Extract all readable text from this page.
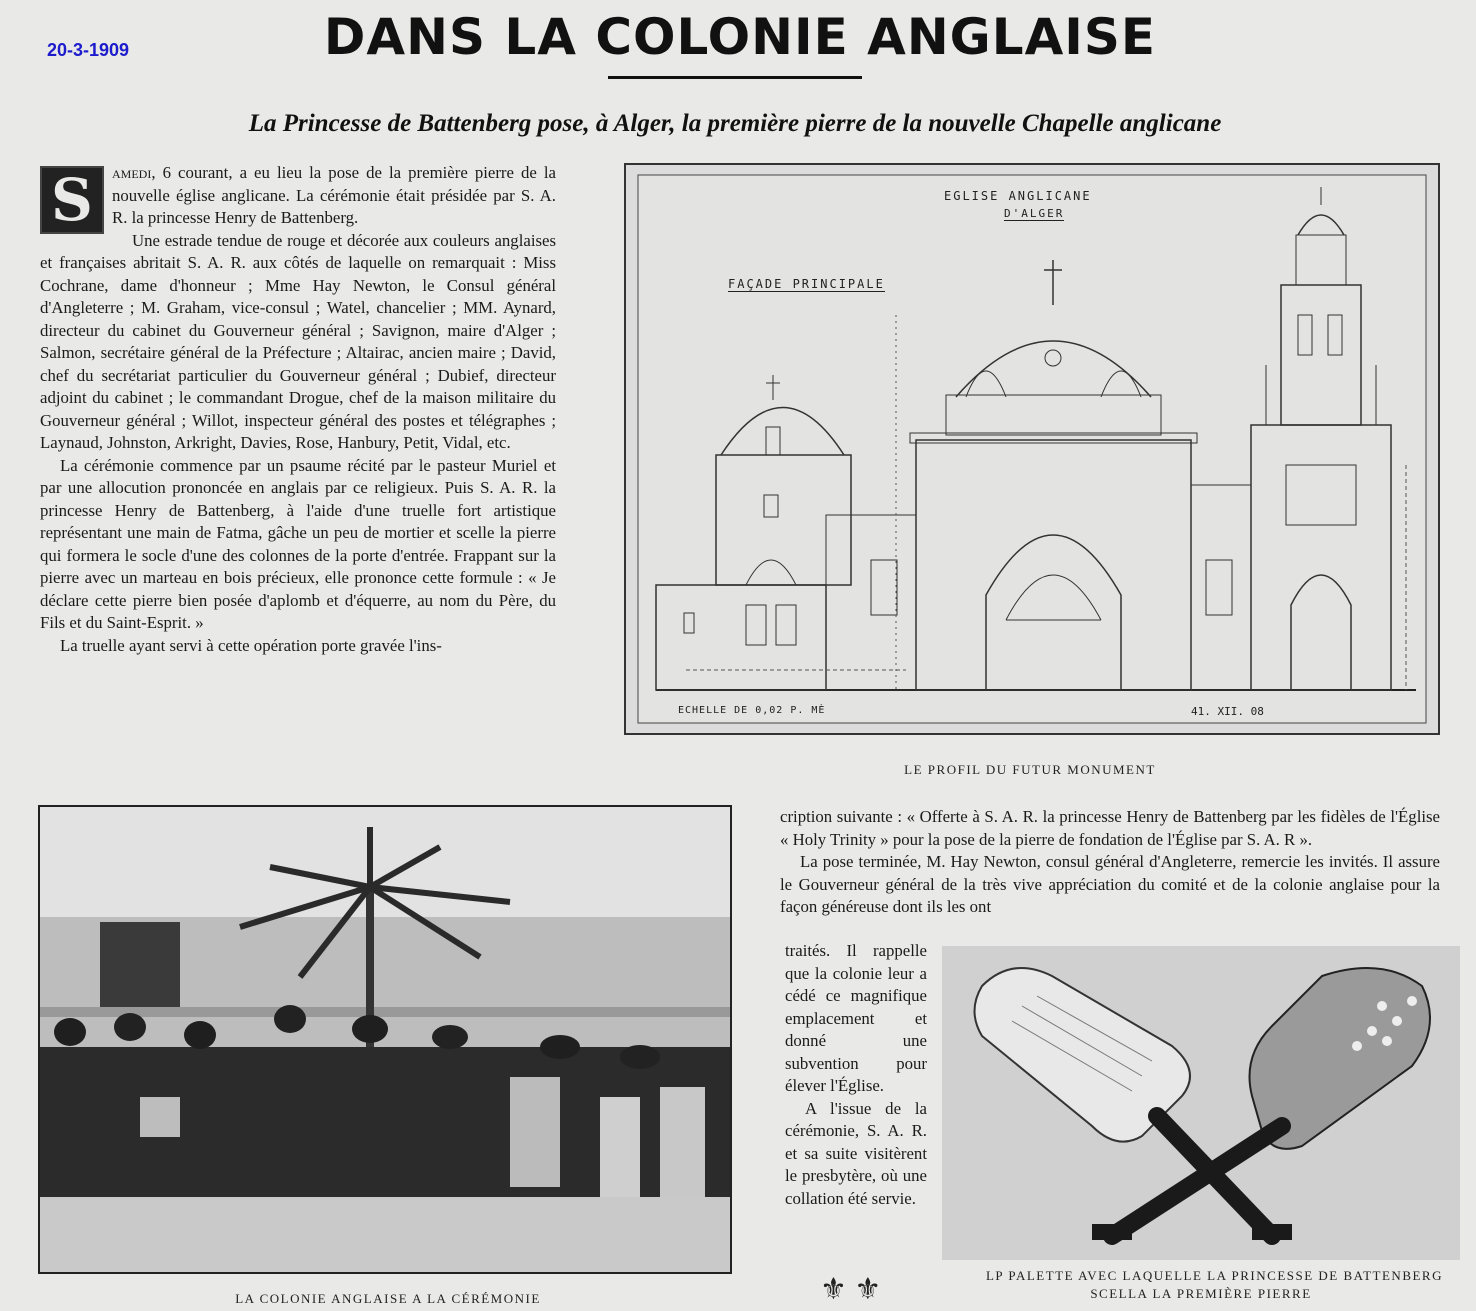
20-3-1909	DANS LA COLONIE ANGLAISE
La Princesse de Battenberg pose, à Alger, la première pierre de la nouvelle Chapelle anglicane
S	amedi, 6 courant, a eu lieu la pose de la première pierre de la nouvelle église anglicane. La cérémonie était présidée par S. A. R. la princesse Henry de Battenberg.

Une estrade tendue de rouge et décorée aux couleurs anglaises et françaises abritait S. A. R. aux côtés de laquelle on remarquait : Miss Cochrane, dame d'honneur ; Mme Hay Newton, le Consul général d'Angleterre ; M. Graham, vice-consul ; Watel, chancelier ; MM. Aynard, directeur du cabinet du Gouverneur général ; Savignon, maire d'Alger ; Salmon, secrétaire général de la Préfecture ; Altairac, ancien maire ; David, chef du secrétariat particulier du Gouverneur général ; Dubief, directeur adjoint du cabinet ; le commandant Drogue, chef de la maison militaire du Gouverneur général ; Willot, inspecteur général des postes et télégraphes ; Laynaud, Johnston, Arkright, Davies, Rose, Hanbury, Petit, Vidal, etc.

La cérémonie commence par un psaume récité par le pasteur Muriel et par une allocution prononcée en anglais par ce religieux. Puis S. A. R. la princesse Henry de Battenberg, à l'aide d'une truelle fort artistique représentant une main de Fatma, gâche un peu de mortier et scelle la pierre qui formera le socle d'une des colonnes de la porte d'entrée. Frappant sur la pierre avec un marteau en bois précieux, elle prononce cette formule : « Je déclare cette pierre bien posée d'aplomb et d'équerre, au nom du Père, du Fils et du Saint-Esprit. »

La truelle ayant servi à cette opération porte gravée l'ins-

EGLISE ANGLICANE
D'ALGER
FAÇADE PRINCIPALE
ECHELLE DE 0,02 P. MÈ	41. XII. 08
LE PROFIL DU FUTUR MONUMENT
LA COLONIE ANGLAISE A LA CÉRÉMONIE

cription suivante : « Offerte à S. A. R. la princesse Henry de Battenberg par les fidèles de l'Église « Holy Trinity » pour la pose de la pierre de fondation de l'Église par S. A. R ».

La pose terminée, M. Hay Newton, consul général d'Angleterre, remercie les invités. Il assure le Gouverneur général de la très vive appréciation du comité et de la colonie anglaise pour la façon généreuse dont ils les ont

traités. Il rappelle que la colonie leur a cédé ce magnifique emplacement et donné une subvention pour élever l'Église.

A l'issue de la cérémonie, S. A. R. et sa suite visitèrent le presbytère, où une collation été servie.

LP PALETTE AVEC LAQUELLE LA PRINCESSE DE BATTENBERG
SCELLA LA PREMIÈRE PIERRE
⚜ ⚜
